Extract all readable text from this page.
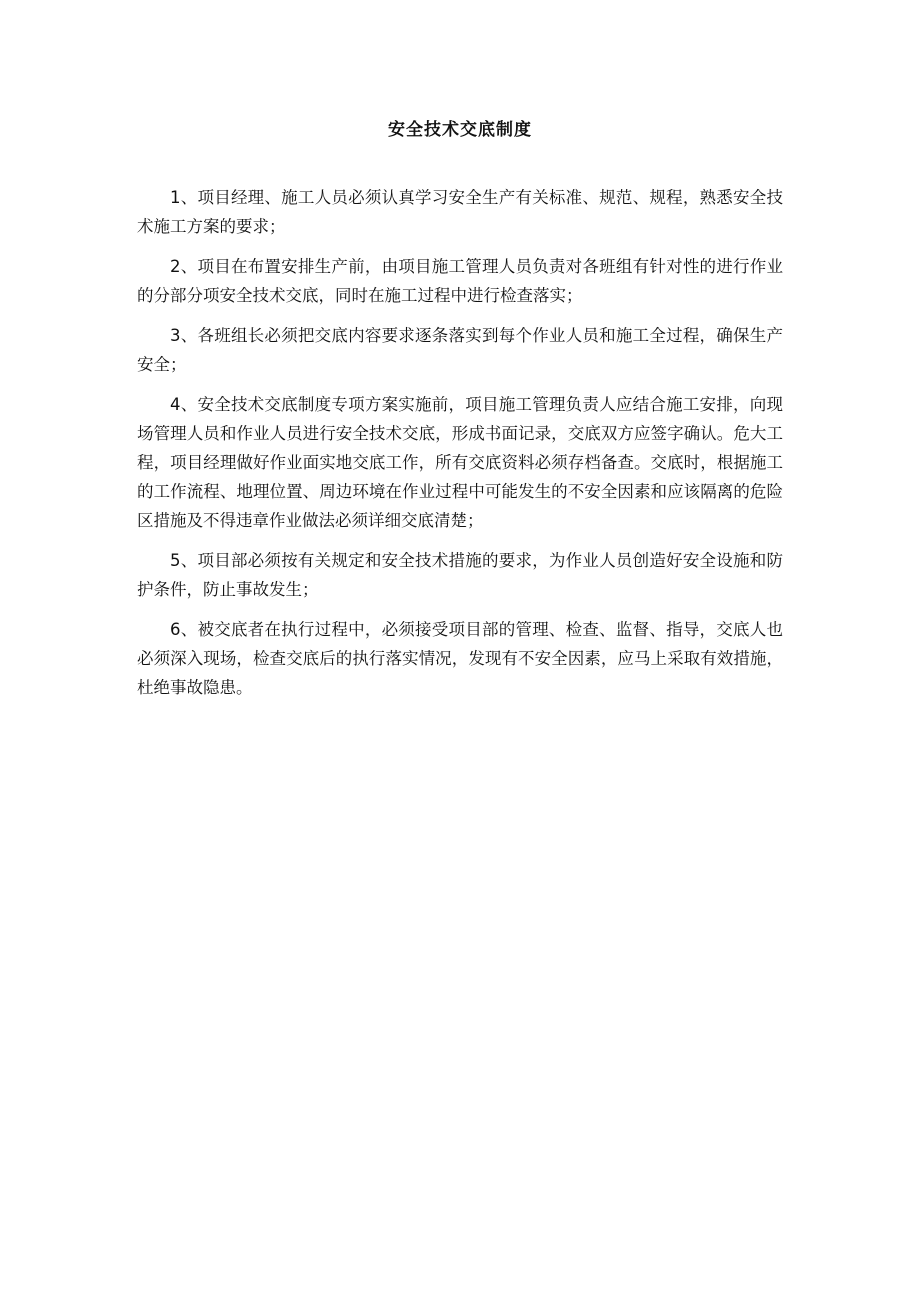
安全技术交底制度

1、项目经理、施工人员必须认真学习安全生产有关标准、规范、规程，熟悉安全技术施工方案的要求；

2、项目在布置安排生产前，由项目施工管理人员负责对各班组有针对性的进行作业的分部分项安全技术交底，同时在施工过程中进行检查落实；

3、各班组长必须把交底内容要求逐条落实到每个作业人员和施工全过程，确保生产安全；

4、安全技术交底制度专项方案实施前，项目施工管理负责人应结合施工安排，向现场管理人员和作业人员进行安全技术交底，形成书面记录，交底双方应签字确认。危大工程，项目经理做好作业面实地交底工作，所有交底资料必须存档备查。交底时，根据施工的工作流程、地理位置、周边环境在作业过程中可能发生的不安全因素和应该隔离的危险区措施及不得违章作业做法必须详细交底清楚；

5、项目部必须按有关规定和安全技术措施的要求，为作业人员创造好安全设施和防护条件，防止事故发生；

6、被交底者在执行过程中，必须接受项目部的管理、检查、监督、指导，交底人也必须深入现场，检查交底后的执行落实情况，发现有不安全因素，应马上采取有效措施，杜绝事故隐患。
